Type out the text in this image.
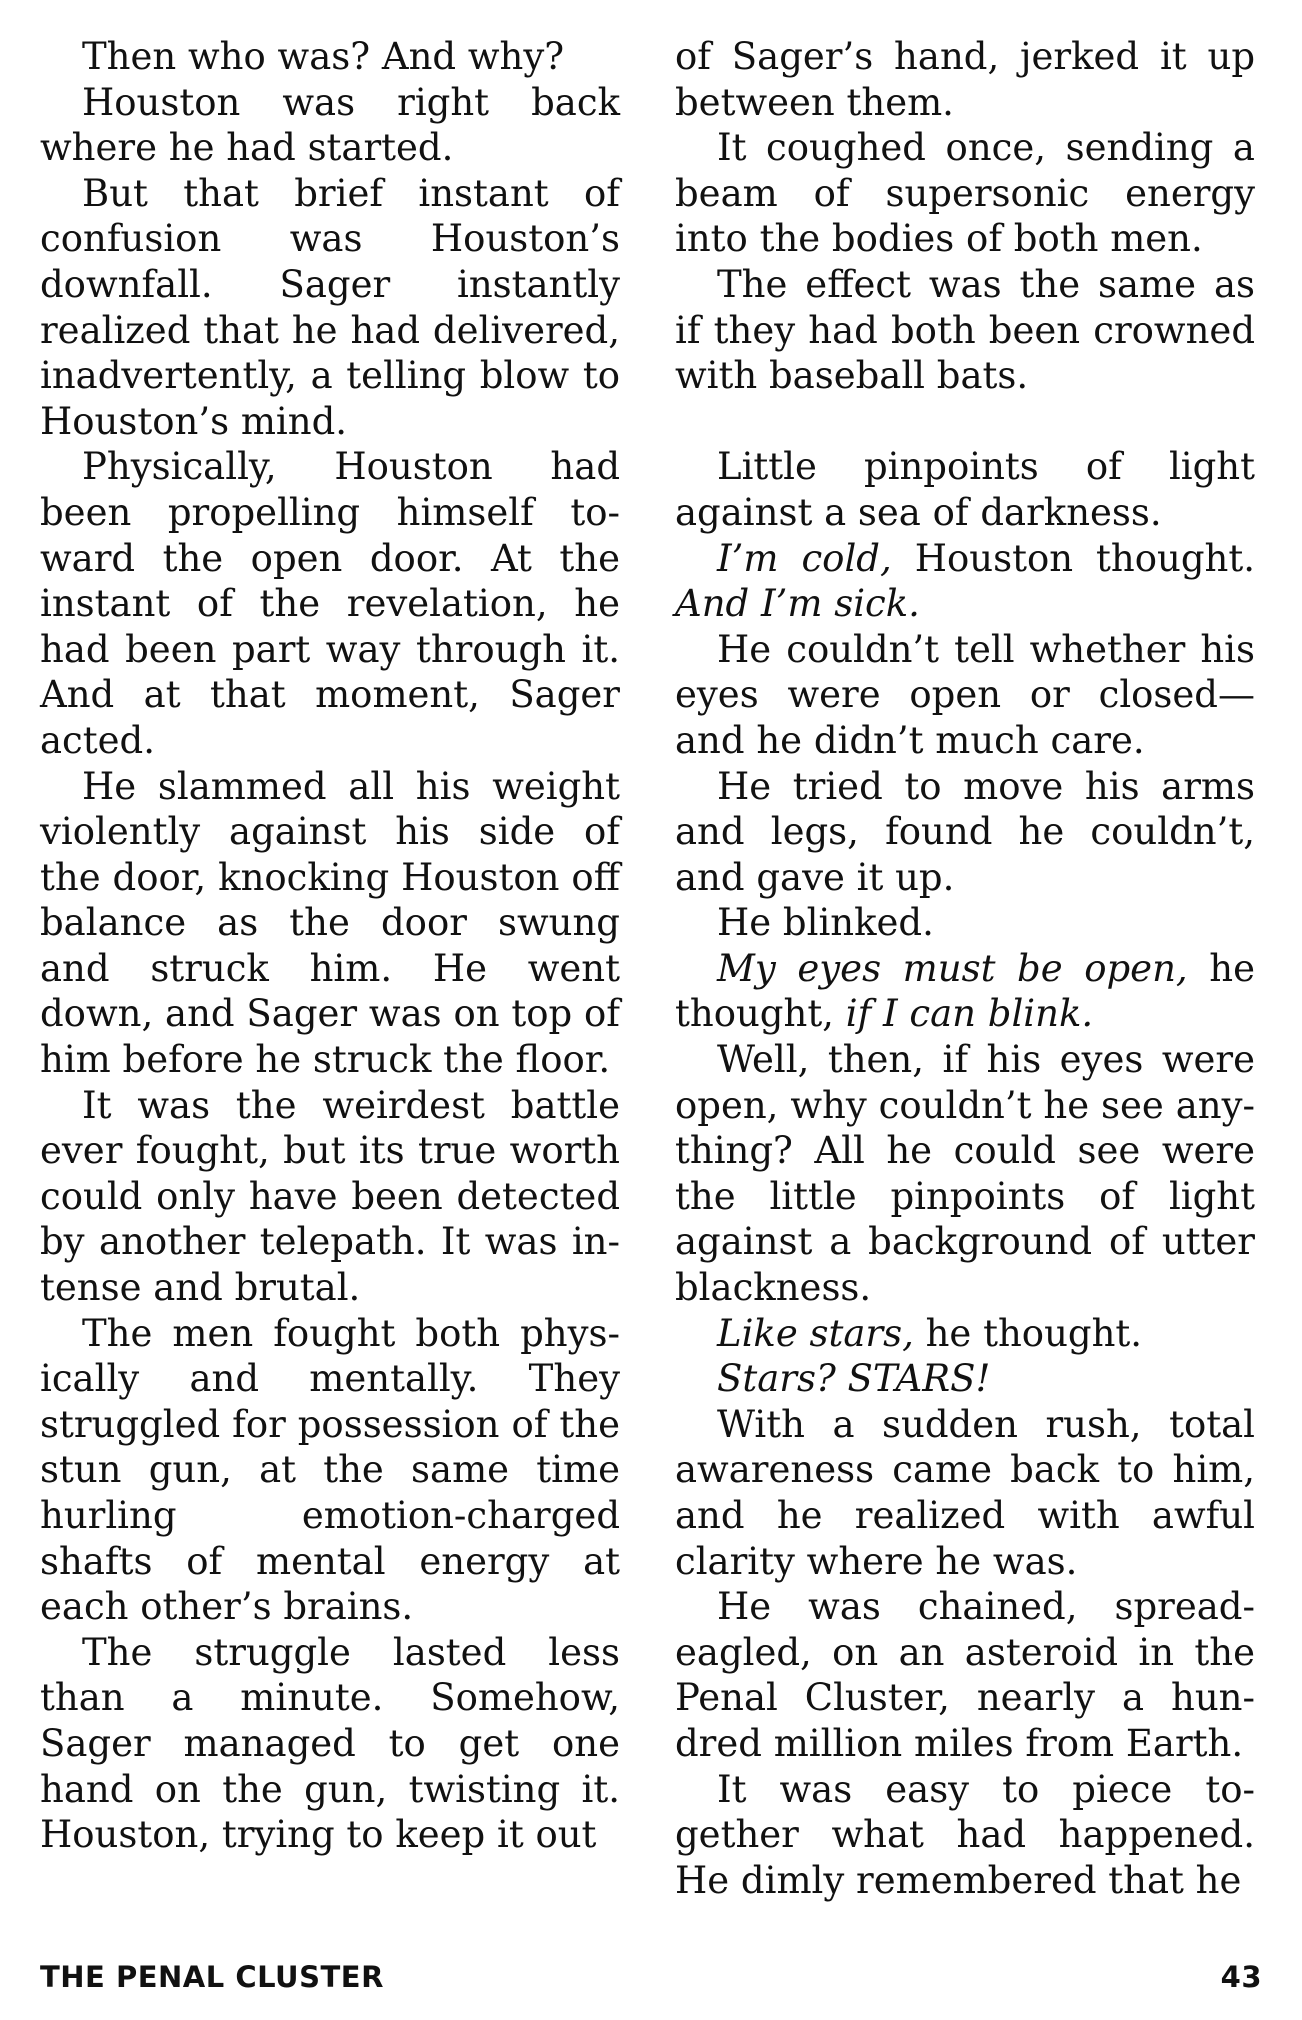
Then who was? And why?

Houston was right back where he had started.

But that brief instant of confusion was Houston’s downfall. Sager instantly realized that he had delivered, inadvertently, a telling blow to Houston’s mind.

Physically, Houston had been propelling himself toward the open door. At the instant of the revelation, he had been part way through it. And at that moment, Sager acted.

He slammed all his weight violently against his side of the door, knocking Houston off balance as the door swung and struck him. He went down, and Sager was on top of him before he struck the floor.

It was the weirdest battle ever fought, but its true worth could only have been detected by another telepath. It was intense and brutal.

The men fought both physically and mentally. They struggled for possession of the stun gun, at the same time hurling emotion-charged shafts of mental energy at each other’s brains.

The struggle lasted less than a minute. Somehow, Sager managed to get one hand on the gun, twisting it. Houston, trying to keep it out

of Sager’s hand, jerked it up between them.

It coughed once, sending a beam of supersonic energy into the bodies of both men.

The effect was the same as if they had both been crowned with baseball bats.

Little pinpoints of light against a sea of darkness.

I’m cold, Houston thought. And I’m sick.

He couldn’t tell whether his eyes were open or closed—and he didn’t much care.

He tried to move his arms and legs, found he couldn’t, and gave it up.

He blinked.

My eyes must be open, he thought, if I can blink.

Well, then, if his eyes were open, why couldn’t he see anything? All he could see were the little pinpoints of light against a background of utter blackness.

Like stars, he thought.

Stars? STARS!

With a sudden rush, total awareness came back to him, and he realized with awful clarity where he was.

He was chained, spreadeagled, on an asteroid in the Penal Cluster, nearly a hundred million miles from Earth.

It was easy to piece together what had happened. He dimly remembered that he

THE PENAL CLUSTER	43
